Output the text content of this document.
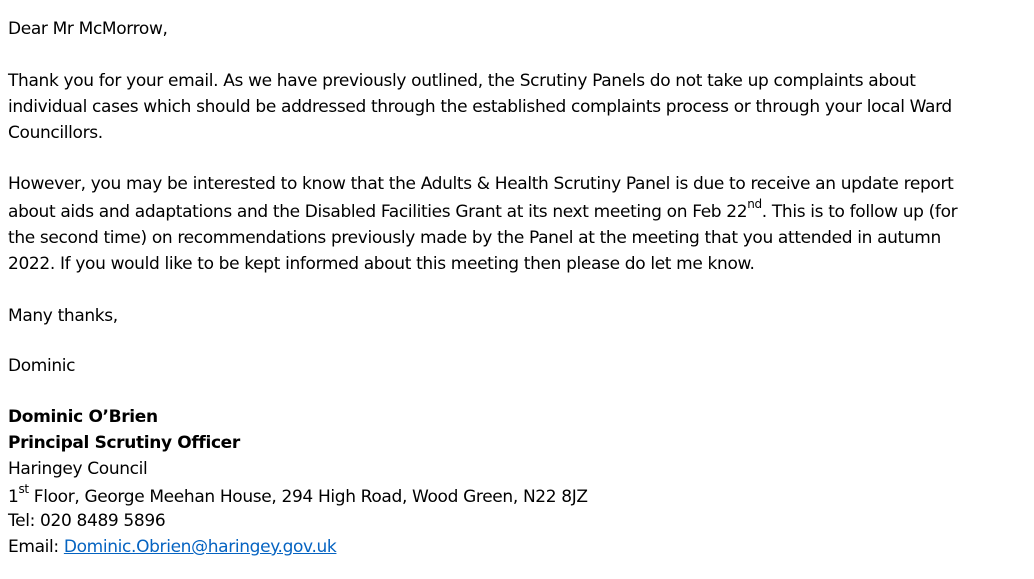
Dear Mr McMorrow,

Thank you for your email. As we have previously outlined, the Scrutiny Panels do not take up complaints about
individual cases which should be addressed through the established complaints process or through your local Ward
Councillors.

However, you may be interested to know that the Adults & Health Scrutiny Panel is due to receive an update report
about aids and adaptations and the Disabled Facilities Grant at its next meeting on Feb 22nd. This is to follow up (for
the second time) on recommendations previously made by the Panel at the meeting that you attended in autumn
2022. If you would like to be kept informed about this meeting then please do let me know.

Many thanks,

Dominic

Dominic O’Brien
Principal Scrutiny Officer
Haringey Council
1st Floor, George Meehan House, 294 High Road, Wood Green, N22 8JZ
Tel: 020 8489 5896
Email: Dominic.Obrien@haringey.gov.uk
